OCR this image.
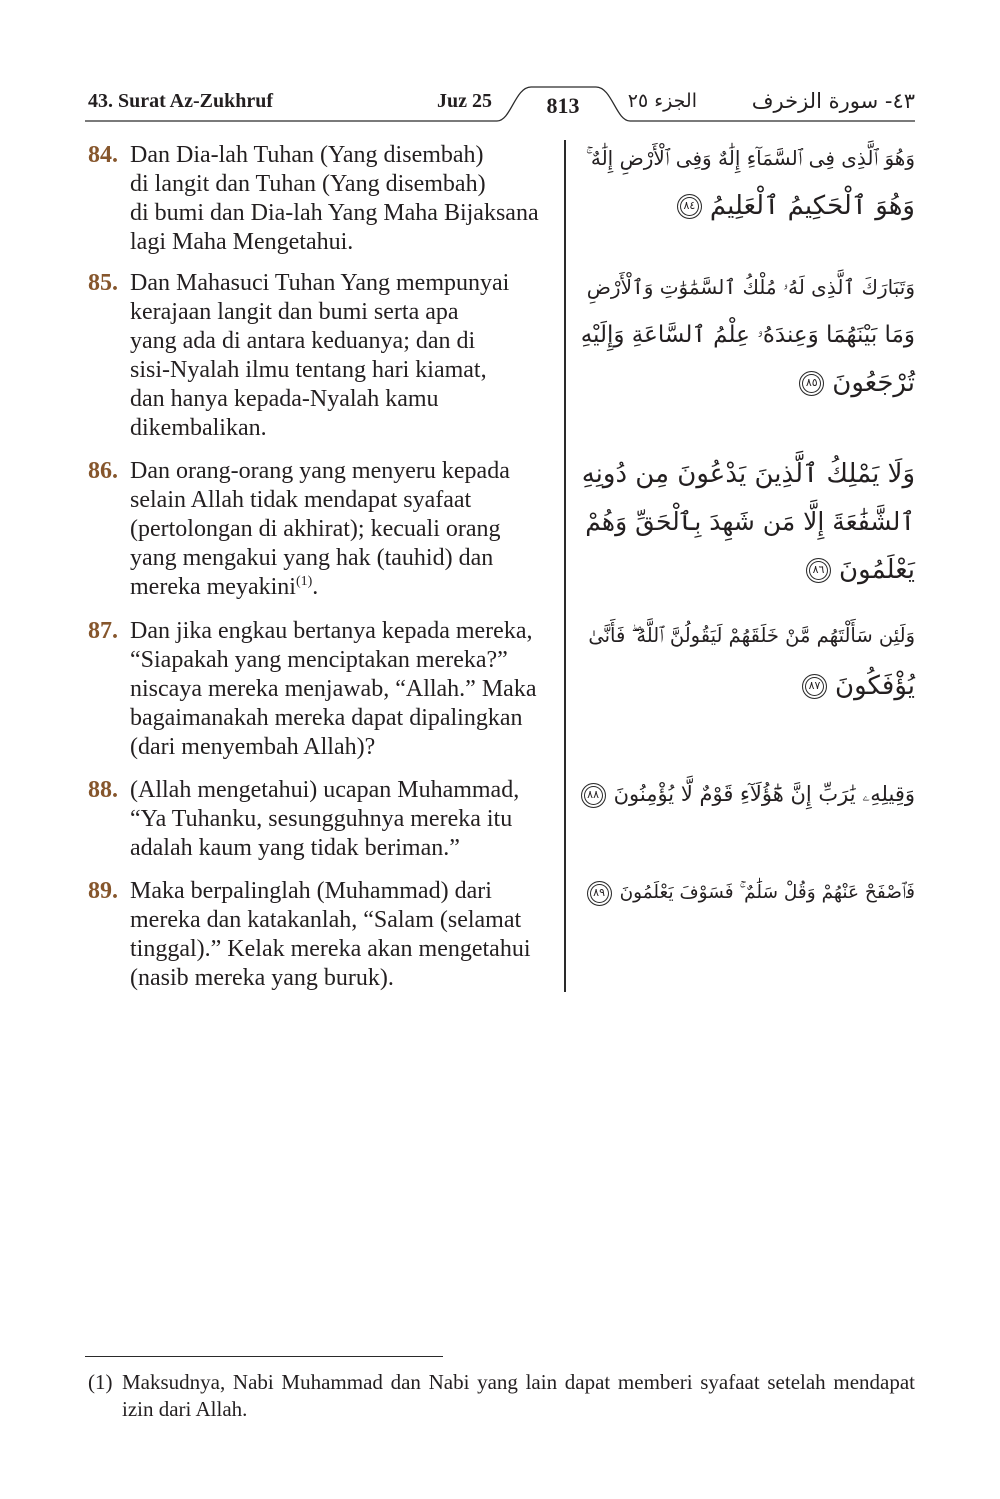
43. Surat Az-Zukhruf	Juz 25	813	الجزء ٢٥	٤٣- سورة الزخرف
84. Dan Dia-lah Tuhan (Yang disembah)
di langit dan Tuhan (Yang disembah)
di bumi dan Dia-lah Yang Maha Bijaksana
lagi Maha Mengetahui.
وَهُوَ ٱلَّذِى فِى ٱلسَّمَآءِ إِلَٰهٌ وَفِى ٱلْأَرْضِ إِلَٰهٌ ۚ
وَهُوَ ٱلْحَكِيمُ ٱلْعَلِيمُ٨٤
85. Dan Mahasuci Tuhan Yang mempunyai
kerajaan langit dan bumi serta apa
yang ada di antara keduanya; dan di
sisi-Nyalah ilmu tentang hari kiamat,
dan hanya kepada-Nyalah kamu
dikembalikan.
وَتَبَارَكَ ٱلَّذِى لَهُۥ مُلْكُ ٱلسَّمَٰوَٰتِ وَٱلْأَرْضِ
وَمَا بَيْنَهُمَا وَعِندَهُۥ عِلْمُ ٱلسَّاعَةِ وَإِلَيْهِ
تُرْجَعُونَ٨٥
86. Dan orang-orang yang menyeru kepada
selain Allah tidak mendapat syafaat
(pertolongan di akhirat); kecuali orang
yang mengakui yang hak (tauhid) dan
mereka meyakini$^{(1)}$.
وَلَا يَمْلِكُ ٱلَّذِينَ يَدْعُونَ مِن دُونِهِ
ٱلشَّفَٰعَةَ إِلَّا مَن شَهِدَ بِٱلْحَقِّ وَهُمْ
يَعْلَمُونَ٨٦
87. Dan jika engkau bertanya kepada mereka,
“Siapakah yang menciptakan mereka?”
niscaya mereka menjawab, “Allah.” Maka
bagaimanakah mereka dapat dipalingkan
(dari menyembah Allah)?
وَلَئِن سَأَلْتَهُم مَّنْ خَلَقَهُمْ لَيَقُولُنَّ ٱللَّهُ ۖ فَأَنَّىٰ
يُؤْفَكُونَ٨٧
88. (Allah mengetahui) ucapan Muhammad,
“Ya Tuhanku, sesungguhnya mereka itu
adalah kaum yang tidak beriman.”
وَقِيلِهِۦ يَٰرَبِّ إِنَّ هَٰٓؤُلَآءِ قَوْمٌ لَّا يُؤْمِنُونَ٨٨
89. Maka berpalinglah (Muhammad) dari
mereka dan katakanlah, “Salam (selamat
tinggal).” Kelak mereka akan mengetahui
(nasib mereka yang buruk).
فَٱصْفَحْ عَنْهُمْ وَقُلْ سَلَٰمٌ ۚ فَسَوْفَ يَعْلَمُونَ٨٩
(1) Maksudnya, Nabi Muhammad dan Nabi yang lain dapat memberi syafaat setelah mendapat
izin dari Allah.
